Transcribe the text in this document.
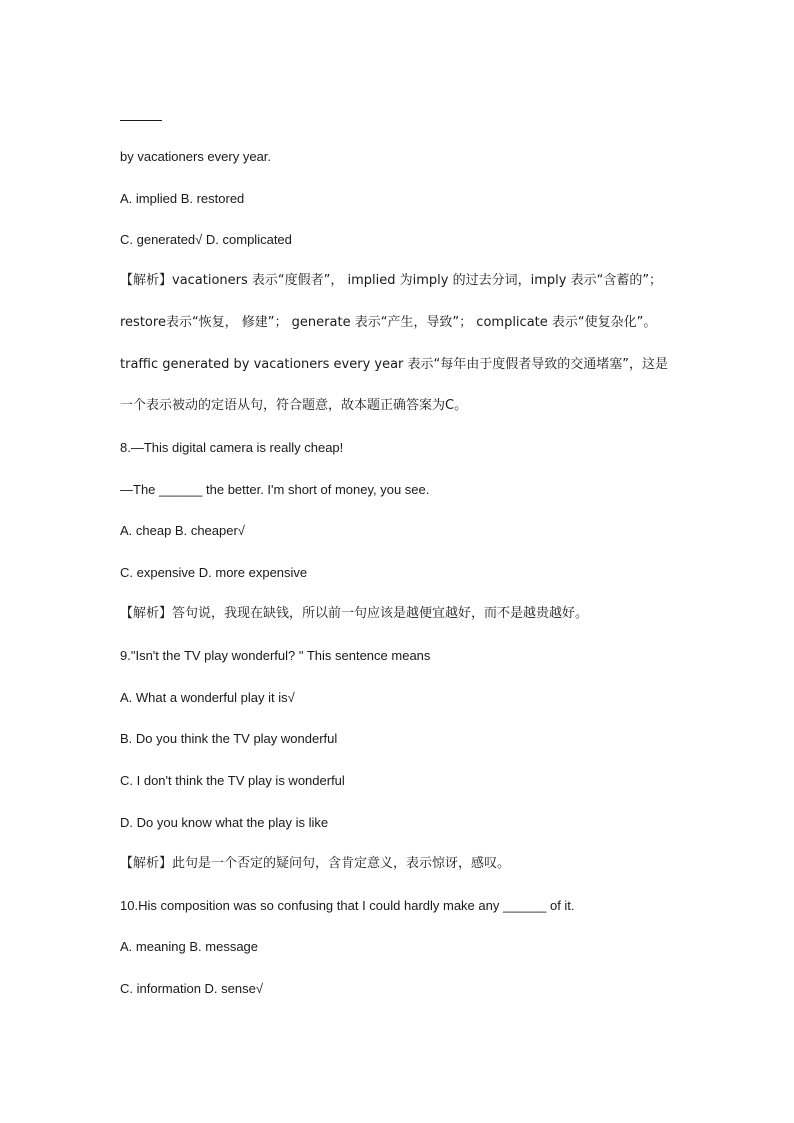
by vacationers every year.
A. implied B. restored
C. generated√ D. complicated
【解析】vacationers 表示“度假者”， implied 为imply 的过去分词，imply 表示“含蓄的”；
restore表示“恢复， 修建”； generate 表示“产生，导致”； complicate 表示“使复杂化”。
traffic generated by vacationers every year 表示“每年由于度假者导致的交通堵塞”，这是
一个表示被动的定语从句，符合题意，故本题正确答案为C。
8.—This digital camera is really cheap!
—The ______ the better. I'm short of money, you see.
A. cheap B. cheaper√
C. expensive D. more expensive
【解析】答句说，我现在缺钱，所以前一句应该是越便宜越好，而不是越贵越好。
9."Isn't the TV play wonderful? " This sentence means
A. What a wonderful play it is√
B. Do you think the TV play wonderful
C. I don't think the TV play is wonderful
D. Do you know what the play is like
【解析】此句是一个否定的疑问句，含肯定意义，表示惊讶，感叹。
10.His composition was so confusing that I could hardly make any ______ of it.
A. meaning B. message
C. information D. sense√
